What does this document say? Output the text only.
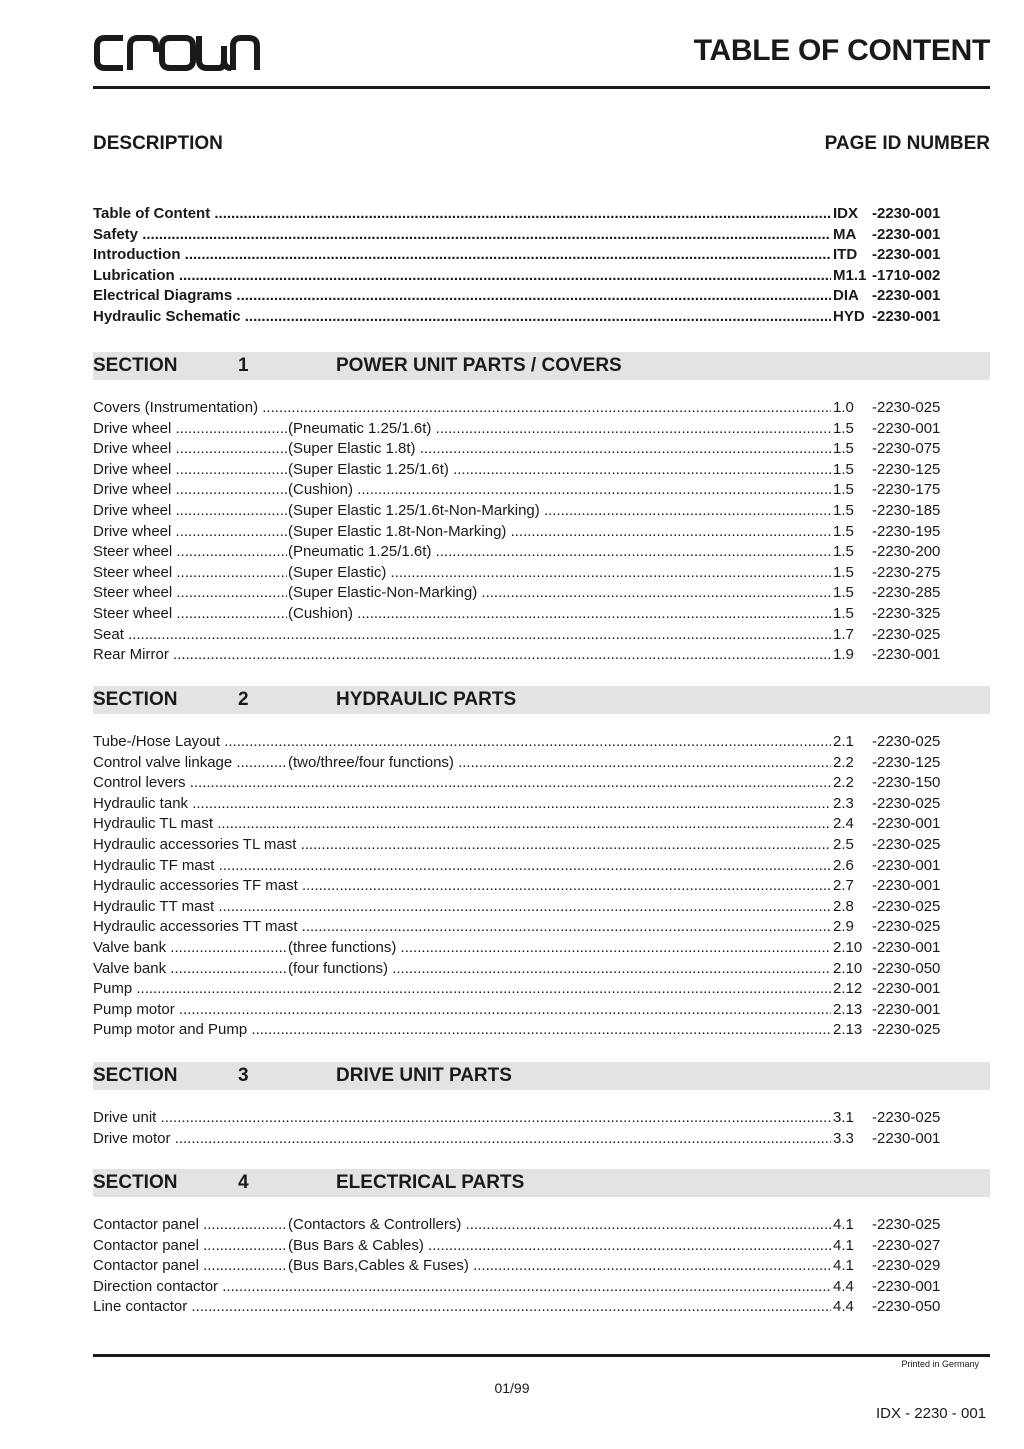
TABLE OF CONTENT
DESCRIPTION	PAGE ID NUMBER
Table of Content .....	IDX -2230-001
Safety .....	MA -2230-001
Introduction .....	ITD -2230-001
Lubrication .....	M1.1 -1710-002
Electrical Diagrams .....	DIA -2230-001
Hydraulic Schematic .....	HYD -2230-001
SECTION	1	POWER UNIT PARTS / COVERS
Covers (Instrumentation) .....	1.0 -2230-025
Drive wheel .....	(Pneumatic 1.25/1.6t) .....	1.5 -2230-001
Drive wheel .....	(Super Elastic 1.8t) .....	1.5 -2230-075
Drive wheel .....	(Super Elastic 1.25/1.6t) .....	1.5 -2230-125
Drive wheel .....	(Cushion) .....	1.5 -2230-175
Drive wheel .....	(Super Elastic 1.25/1.6t-Non-Marking) .....	1.5 -2230-185
Drive wheel .....	(Super Elastic 1.8t-Non-Marking) .....	1.5 -2230-195
Steer wheel .....	(Pneumatic 1.25/1.6t) .....	1.5 -2230-200
Steer wheel .....	(Super Elastic) .....	1.5 -2230-275
Steer wheel .....	(Super Elastic-Non-Marking) .....	1.5 -2230-285
Steer wheel .....	(Cushion) .....	1.5 -2230-325
Seat .....	1.7 -2230-025
Rear Mirror .....	1.9 -2230-001
SECTION	2	HYDRAULIC PARTS
Tube-/Hose Layout .....	2.1 -2230-025
Control valve linkage .....	(two/three/four functions) .....	2.2 -2230-125
Control levers .....	2.2 -2230-150
Hydraulic tank .....	2.3 -2230-025
Hydraulic TL mast .....	2.4 -2230-001
Hydraulic accessories TL mast .....	2.5 -2230-025
Hydraulic TF mast .....	2.6 -2230-001
Hydraulic accessories TF mast .....	2.7 -2230-001
Hydraulic TT mast .....	2.8 -2230-025
Hydraulic accessories TT mast .....	2.9 -2230-025
Valve bank .....	(three functions) .....	2.10 -2230-001
Valve bank .....	(four functions) .....	2.10 -2230-050
Pump .....	2.12 -2230-001
Pump motor .....	2.13 -2230-001
Pump motor and Pump .....	2.13 -2230-025
SECTION	3	DRIVE UNIT PARTS
Drive unit .....	3.1 -2230-025
Drive motor .....	3.3 -2230-001
SECTION	4	ELECTRICAL PARTS
Contactor panel .....	(Contactors & Controllers) .....	4.1 -2230-025
Contactor panel .....	(Bus Bars & Cables) .....	4.1 -2230-027
Contactor panel .....	(Bus Bars,Cables & Fuses) .....	4.1 -2230-029
Direction contactor .....	4.4 -2230-001
Line contactor .....	4.4 -2230-050
Printed in Germany
01/99
IDX - 2230 - 001
